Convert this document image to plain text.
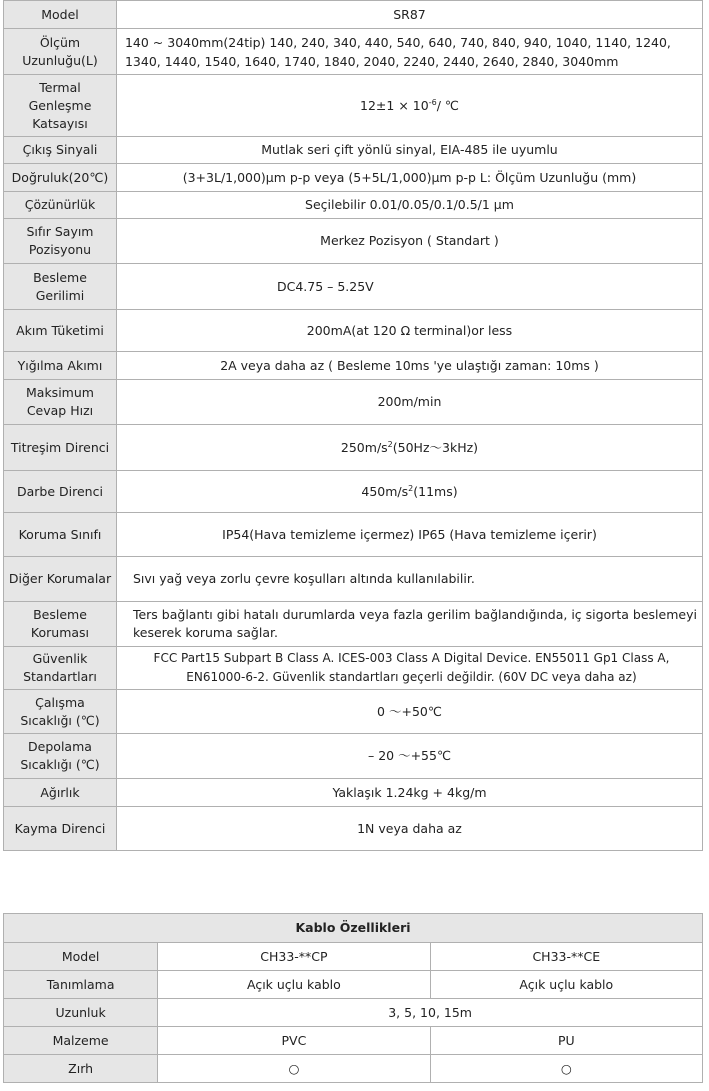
Model	SR87
Ölçüm Uzunluğu(L)	140 ~ 3040mm(24tip) 140, 240, 340, 440, 540, 640, 740, 840, 940, 1040, 1140, 1240, 1340, 1440, 1540, 1640, 1740, 1840, 2040, 2240, 2440, 2640, 2840, 3040mm
Termal Genleşme Katsayısı	$12\pm 1 \times 10^{-6}/$ ℃
Çıkış Sinyali	Mutlak seri çift yönlü sinyal, EIA-485 ile uyumlu
Doğruluk(20℃)	(3+3L/1,000)μm p-p veya (5+5L/1,000)μm p-p L: Ölçüm Uzunluğu (mm)
Çözünürlük	Seçilebilir 0.01/0.05/0.1/0.5/1 μm
Sıfır Sayım Pozisyonu	Merkez Pozisyon ( Standart )
Besleme Gerilimi	DC4.75 – 5.25V
Akım Tüketimi	200mA(at 120 Ω terminal)or less
Yığılma Akımı	2A veya daha az ( Besleme 10ms 'ye ulaştığı zaman: 10ms )
Maksimum Cevap Hızı	200m/min
Titreşim Direnci	$250m/s^2(50Hz\sim 3kHz)$
Darbe Direnci	$450m/s^2(11ms)$
Koruma Sınıfı	IP54(Hava temizleme içermez) IP65 (Hava temizleme içerir)
Diğer Korumalar	Sıvı yağ veya zorlu çevre koşulları altında kullanılabilir.
Besleme Koruması	Ters bağlantı gibi hatalı durumlarda veya fazla gerilim bağlandığında, iç sigorta beslemeyi keserek koruma sağlar.
Güvenlik Standartları	FCC Part15 Subpart B Class A. ICES-003 Class A Digital Device. EN55011 Gp1 Class A, EN61000-6-2. Güvenlik standartları geçerli değildir. (60V DC veya daha az)
Çalışma Sıcaklığı (℃)	0 ～+50℃
Depolama Sıcaklığı (℃)	– 20 ～+55℃
Ağırlık	Yaklaşık 1.24kg + 4kg/m
Kayma Direnci	1N veya daha az
Kablo Özellikleri		
Model	CH33-**CP	CH33-**CE
Tanımlama	Açık uçlu kablo	Açık uçlu kablo
Uzunluk	3, 5, 10, 15m	
Malzeme	PVC	PU
Zırh	○	○
